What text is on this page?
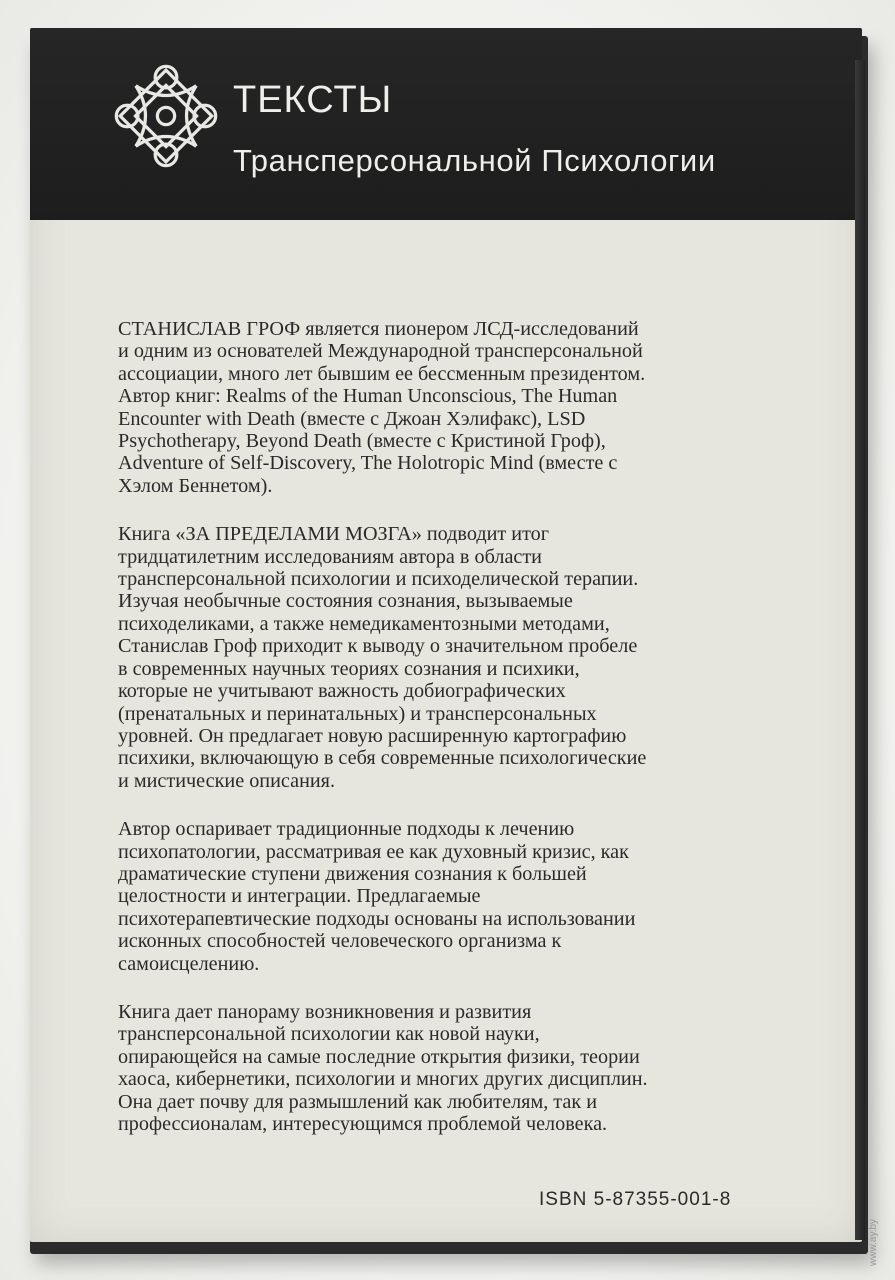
ТЕКСТЫ
Трансперсональной Психологии
СТАНИСЛАВ ГРОФ является пионером ЛСД-исследований
и одним из основателей Международной трансперсональной
ассоциации, много лет бывшим ее бессменным президентом.
Автор книг: Realms of the Human Unconscious, The Human
Encounter with Death (вместе с Джоан Хэлифакс), LSD
Psychotherapy, Beyond Death (вместе с Кристиной Гроф),
Adventure of Self-Discovery, The Holotropic Mind (вместе с
Хэлом Беннетом).
Книга «ЗА ПРЕДЕЛАМИ МОЗГА» подводит итог
тридцатилетним исследованиям автора в области
трансперсональной психологии и психоделической терапии.
Изучая необычные состояния сознания, вызываемые
психоделиками, а также немедикаментозными методами,
Станислав Гроф приходит к выводу о значительном пробеле
в современных научных теориях сознания и психики,
которые не учитывают важность добиографических
(пренатальных и перинатальных) и трансперсональных
уровней. Он предлагает новую расширенную картографию
психики, включающую в себя современные психологические
и мистические описания.
Автор оспаривает традиционные подходы к лечению
психопатологии, рассматривая ее как духовный кризис, как
драматические ступени движения сознания к большей
целостности и интеграции. Предлагаемые
психотерапевтические подходы основаны на использовании
исконных способностей человеческого организма к
самоисцелению.
Книга дает панораму возникновения и развития
трансперсональной психологии как новой науки,
опирающейся на самые последние открытия физики, теории
хаоса, кибернетики, психологии и многих других дисциплин.
Она дает почву для размышлений как любителям, так и
профессионалам, интересующимся проблемой человека.
ISBN 5-87355-001-8
www.ay.by
